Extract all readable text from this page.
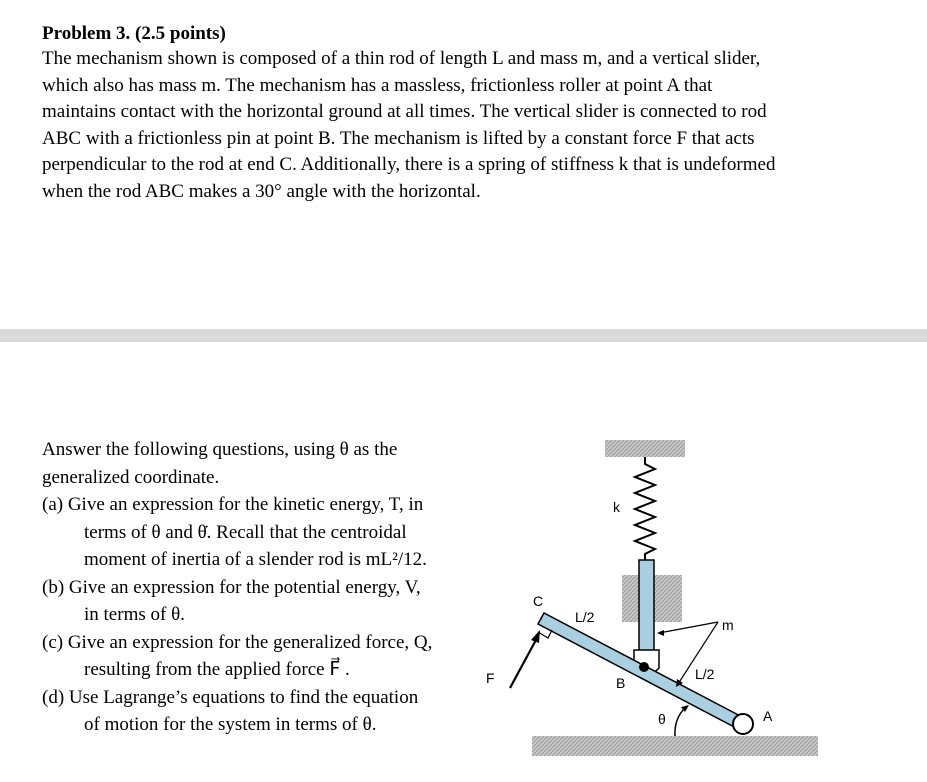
Problem 3. (2.5 points)

The mechanism shown is composed of a thin rod of length L and mass m, and a vertical slider,

which also has mass m. The mechanism has a massless, frictionless roller at point A that

maintains contact with the horizontal ground at all times. The vertical slider is connected to rod

ABC with a frictionless pin at point B. The mechanism is lifted by a constant force F that acts

perpendicular to the rod at end C. Additionally, there is a spring of stiffness k that is undeformed

when the rod ABC makes a 30° angle with the horizontal.

Answer the following questions, using θ as the
generalized coordinate.
(a) Give an expression for the kinetic energy, T, in
terms of θ and θ̇. Recall that the centroidal
moment of inertia of a slender rod is mL²/12.
(b) Give an expression for the potential energy, V,
in terms of θ.
(c) Give an expression for the generalized force, Q,
resulting from the applied force F⃗ .
(d) Use Lagrange’s equations to find the equation
of motion for the system in terms of θ.
k
C
L/2	m
F	B
L/2
θ	A
